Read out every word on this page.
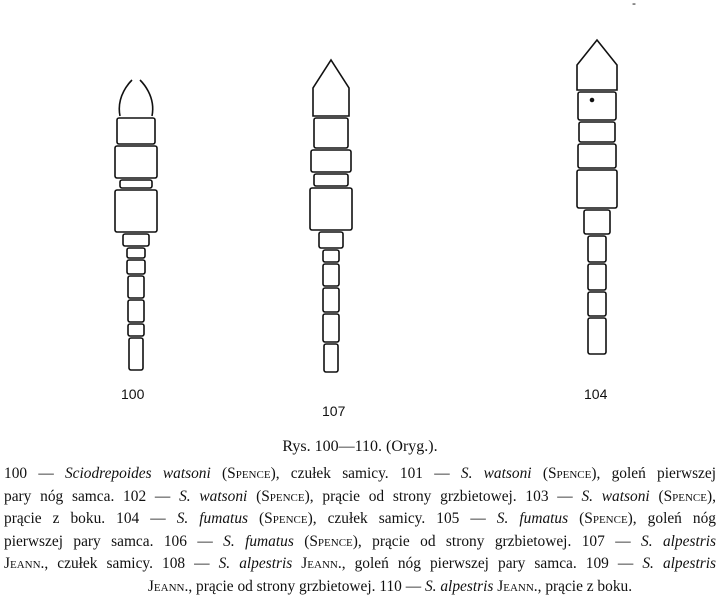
100
107
104
-
Rys. 100—110. (Oryg.).
100 — Sciodrepoides watsoni (Spence), czułek samicy. 101 — S. watsoni (Spence), goleń pierwszej
pary nóg samca. 102 — S. watsoni (Spence), prącie od strony grzbietowej. 103 — S. watsoni (Spence),
prącie z boku. 104 — S. fumatus (Spence), czułek samicy. 105 — S. fumatus (Spence), goleń nóg
pierwszej pary samca. 106 — S. fumatus (Spence), prącie od strony grzbietowej. 107 — S. alpestris
Jeann., czułek samicy. 108 — S. alpestris Jeann., goleń nóg pierwszej pary samca. 109 — S. alpestris
Jeann., prącie od strony grzbietowej. 110 — S. alpestris Jeann., prącie z boku.
